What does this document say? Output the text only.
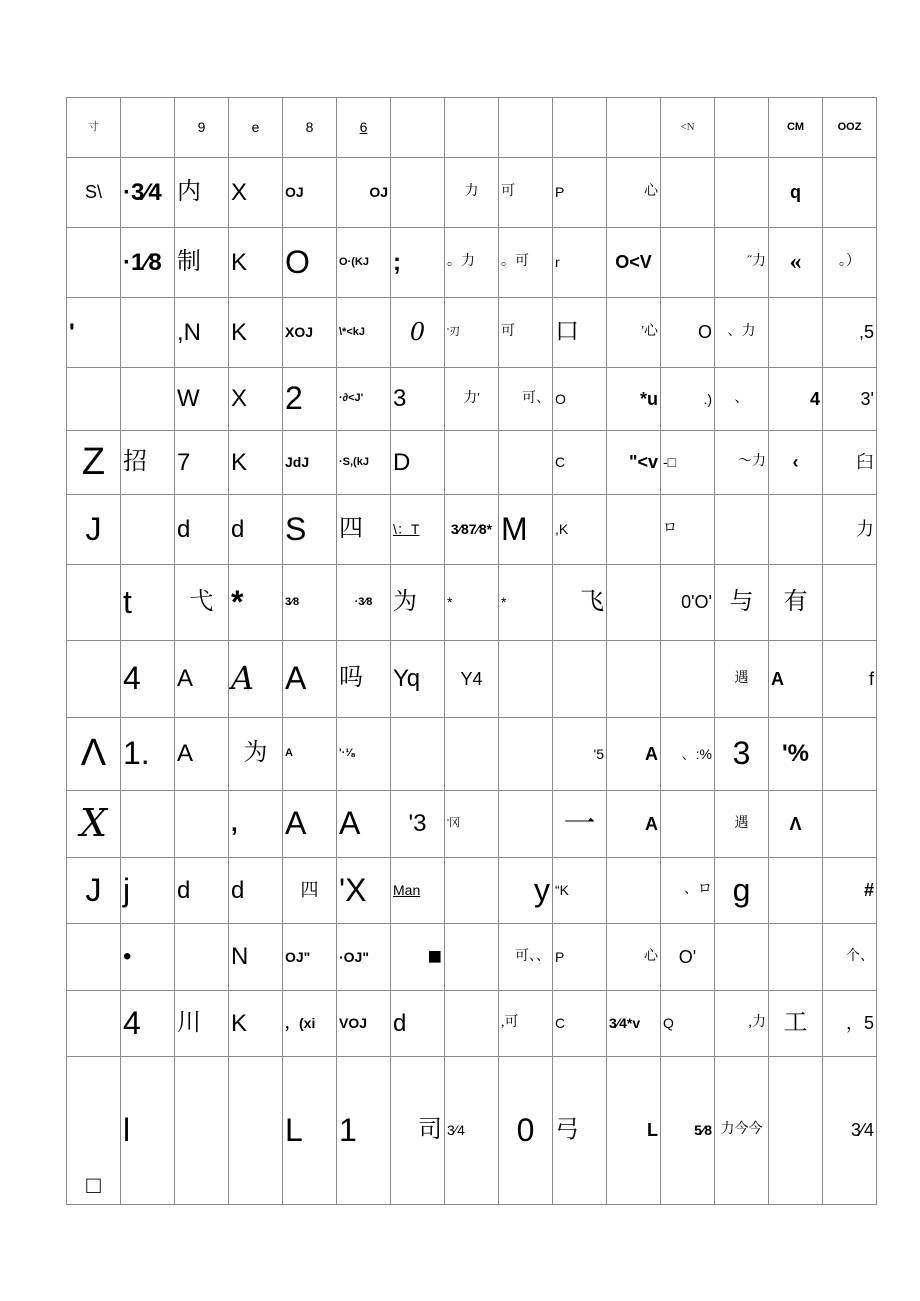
寸		9	e	8	6						<N		CM	OOZ
S\	·3⁄4	内	X	OJ	OJ		力	可	P	心			q	
	·1⁄8	制	K	O	O·(KJ	;	。力	。可	r	O<V		˝力	«	。）
'		,N	K	XOJ	\*<kJ	0	'刃	可	口	'心	O	、力		,5
		W	X	2	·∂<J'	3	力'	可、	O	*u	.)	、	4	3'
Z	招	7	K	JdJ	·S,(kJ	D			C	"<v	-□	～力	‹	臼
J		d	d	S	四	\：T	3⁄87⁄8*	M	,K		ロ			力
	t	弋	*	3⁄8	·3⁄8	为	*	*	飞		0'O'	与	有	
	4	A	A	A	吗	Yq	Y4					遇	A	f
Λ	1.	A	为	A	'·⅛				'5	A	、:%	3	'%	
X			,	A	A	'3	'冈		一	A		遇	Λ	
J	j	d	d	四	'X	Man		y	“K		、ロ	g		#
	•		N	OJ"	·OJ"	■		可、、	P	心	O'			个、
	4	川	K	，(xi	VOJ	d		,可	C	3⁄4*v	Q	,力	工	，5
□	l			L	1	司	3⁄4	0	弓	L	5⁄8	力今今		3⁄4
